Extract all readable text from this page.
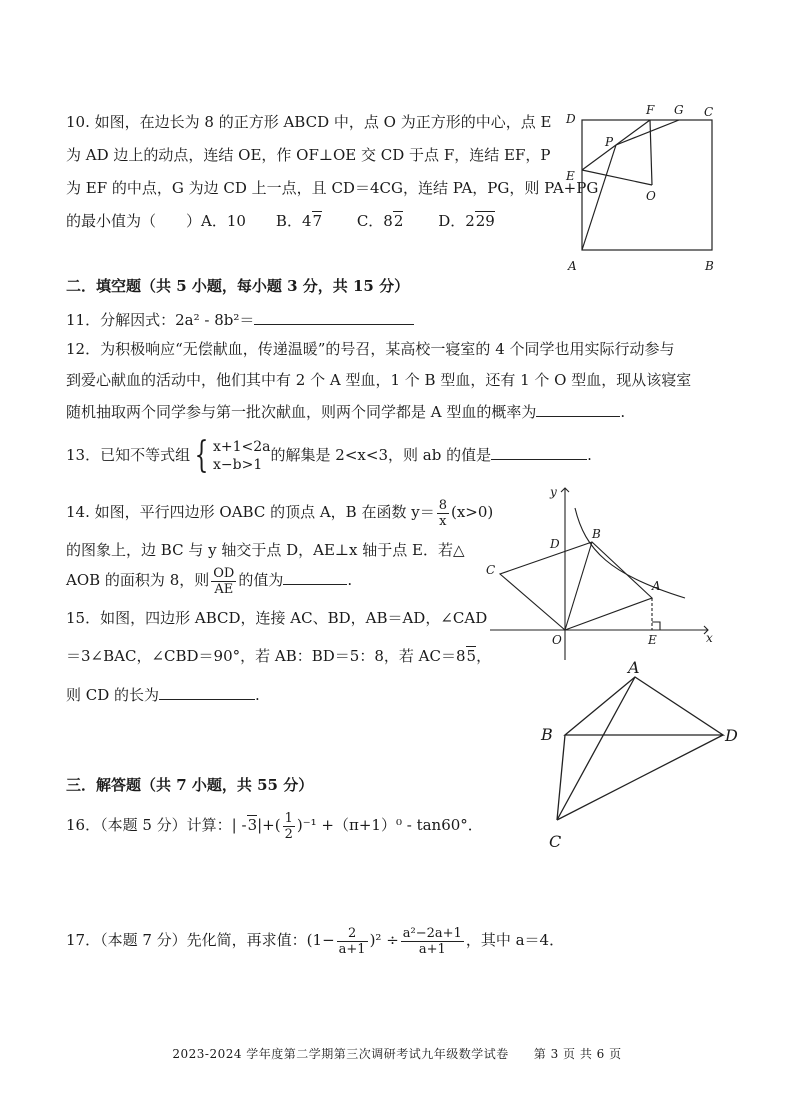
10. 如图，在边长为 8 的正方形 ABCD 中，点 O 为正方形的中心，点 E
为 AD 边上的动点，连结 OE，作 OF⊥OE 交 CD 于点 F，连结 EF，P
为 EF 的中点，G 为边 CD 上一点，且 CD＝4CG，连结 PA，PG，则 PA+PG
的最小值为（　　）A．10　　B．47 　　 C．82 　　 D．229
D
F G C
P
E
O
A	B
二．填空题（共 5 小题，每小题 3 分，共 15 分）
11．分解因式：2a² - 8b²＝
12．为积极响应“无偿献血，传递温暖”的号召，某高校一寝室的 4 个同学也用实际行动参与
到爱心献血的活动中，他们其中有 2 个 A 型血，1 个 B 型血，还有 1 个 O 型血，现从该寝室
随机抽取两个同学参与第一批次献血，则两个同学都是 A 型血的概率为	.
13．已知不等式组 { x+1<2a
x−b>1
的解集是 2<x<3，则 ab 的值是	.
14. 如图，平行四边形 OABC 的顶点 A，B 在函数 $y= \frac{8}{x} (x>0)$
的图象上，边 BC 与 y 轴交于点 D，AE⊥x 轴于点 E．若△
AOB 的面积为 8，则 $\frac{OD}{AE}$ 的值为	.
y
B
D
C
A
O	E	x
15．如图，四边形 ABCD，连接 AC、BD，AB＝AD，∠CAD
＝3∠BAC，∠CBD＝90°，若 AB：BD＝5：8，若 AC＝85，
则 CD 的长为	.
A
B	D
C
三．解答题（共 7 小题，共 55 分）
16．（本题 5 分）计算：| $-3|+( \frac{1}{2} )^{-1} +(\pi+1)^0 - \tan 60^\circ$．
17．（本题 7 分）先化简，再求值：$(1- \frac{2}{a+1} )^2 \div \frac{\text{a²−2a+1}}{a+1}$ ，其中 a＝4．
2023-2024 学年度第二学期第三次调研考试九年级数学试卷　　第 3 页 共 6 页
